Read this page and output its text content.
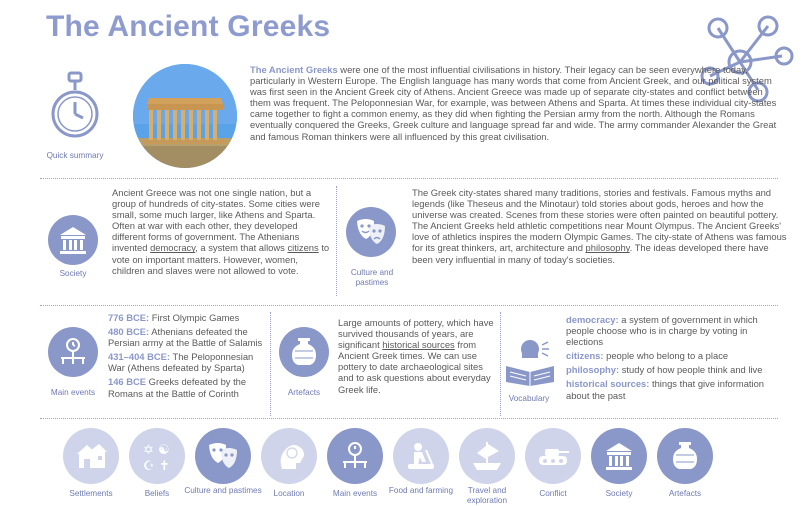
The Ancient Greeks
Quick summary
The Ancient Greeks were one of the most influential civilisations in history. Their legacy can be seen everywhere today, particularly in Western Europe. The English language has many words that come from Ancient Greek, and our political system was first seen in the Ancient Greek city of Athens. Ancient Greece was made up of separate city-states and conflict between them was frequent. The Peloponnesian War, for example, was between Athens and Sparta. At times these individual city-states came together to fight a common enemy, as they did when fighting the Persian army from the north. Although the Romans eventually conquered the Greeks, Greek culture and language spread far and wide. The army commander Alexander the Great and famous Roman thinkers were all influenced by this great civilisation.
Society
Ancient Greece was not one single nation, but a group of hundreds of city-states. Some cities were small, some much larger, like Athens and Sparta. Often at war with each other, they developed different forms of government. The Athenians invented democracy, a system that allows citizens to vote on important matters. However, women, children and slaves were not allowed to vote.	Culture and pastimes
The Greek city-states shared many traditions, stories and festivals. Famous myths and legends (like Theseus and the Minotaur) told stories about gods, heroes and how the universe was created. Scenes from these stories were often painted on beautiful pottery. The Ancient Greeks held athletic competitions near Mount Olympus. The Ancient Greeks' love of athletics inspires the modern Olympic Games. The city-state of Athens was famous for its great thinkers, art, architecture and philosophy. The ideas developed there have been very influential in many of today's societies.
Main events

776 BCE: First Olympic Games

480 BCE: Athenians defeated the Persian army at the Battle of Salamis

431–404 BCE: The Peloponnesian War (Athens defeated by Sparta)

146 BCE Greeks defeated by the Romans at the Battle of Corinth	Artefacts
Large amounts of pottery, which have survived thousands of years, are significant historical sources from Ancient Greek times. We can use pottery to date archaeological sites and to ask questions about everyday Greek life.
Vocabulary

democracy: a system of government in which people choose who is in charge by voting in elections

citizens: people who belong to a place

philosophy: study of how people think and live

historical sources: things that give information about the past

Settlements
✡ ☯
☪ ✝
Beliefs	Culture and pastimes	Location	Main events	Food and farming	Travel and exploration
Conflict	Society	Artefacts
